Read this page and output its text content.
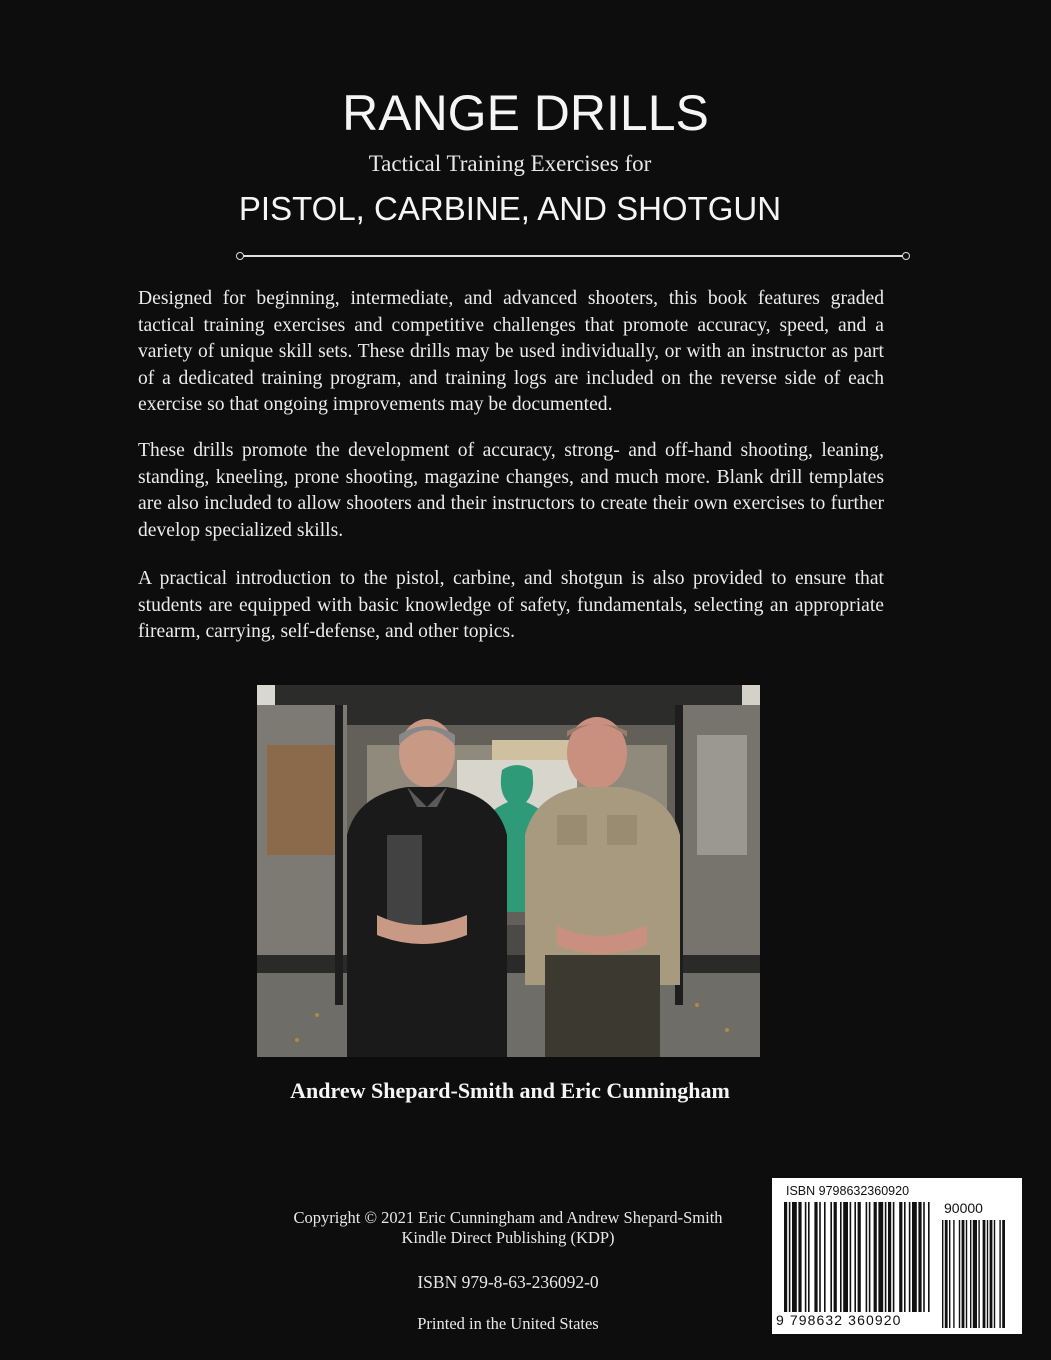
RANGE DRILLS
Tactical Training Exercises for
PISTOL, CARBINE, AND SHOTGUN

Designed for beginning, intermediate, and advanced shooters, this book features graded tactical training exercises and competitive challenges that promote accuracy, speed, and a variety of unique skill sets. These drills may be used individually, or with an instructor as part of a dedicated training program, and training logs are included on the reverse side of each exercise so that ongoing improvements may be documented.

These drills promote the development of accuracy, strong- and off-hand shooting, leaning, standing, kneeling, prone shooting, magazine changes, and much more. Blank drill templates are also included to allow shooters and their instructors to create their own exercises to further develop specialized skills.

A practical introduction to the pistol, carbine, and shotgun is also provided to ensure that students are equipped with basic knowledge of safety, fundamentals, selecting an appropriate firearm, carrying, self-defense, and other topics.

Andrew Shepard-Smith and Eric Cunningham
Copyright © 2021 Eric Cunningham and Andrew Shepard-Smith
Kindle Direct Publishing (KDP)
ISBN 979-8-63-236092-0
Printed in the United States
ISBN 9798632360920
90000
9 798632 360920
